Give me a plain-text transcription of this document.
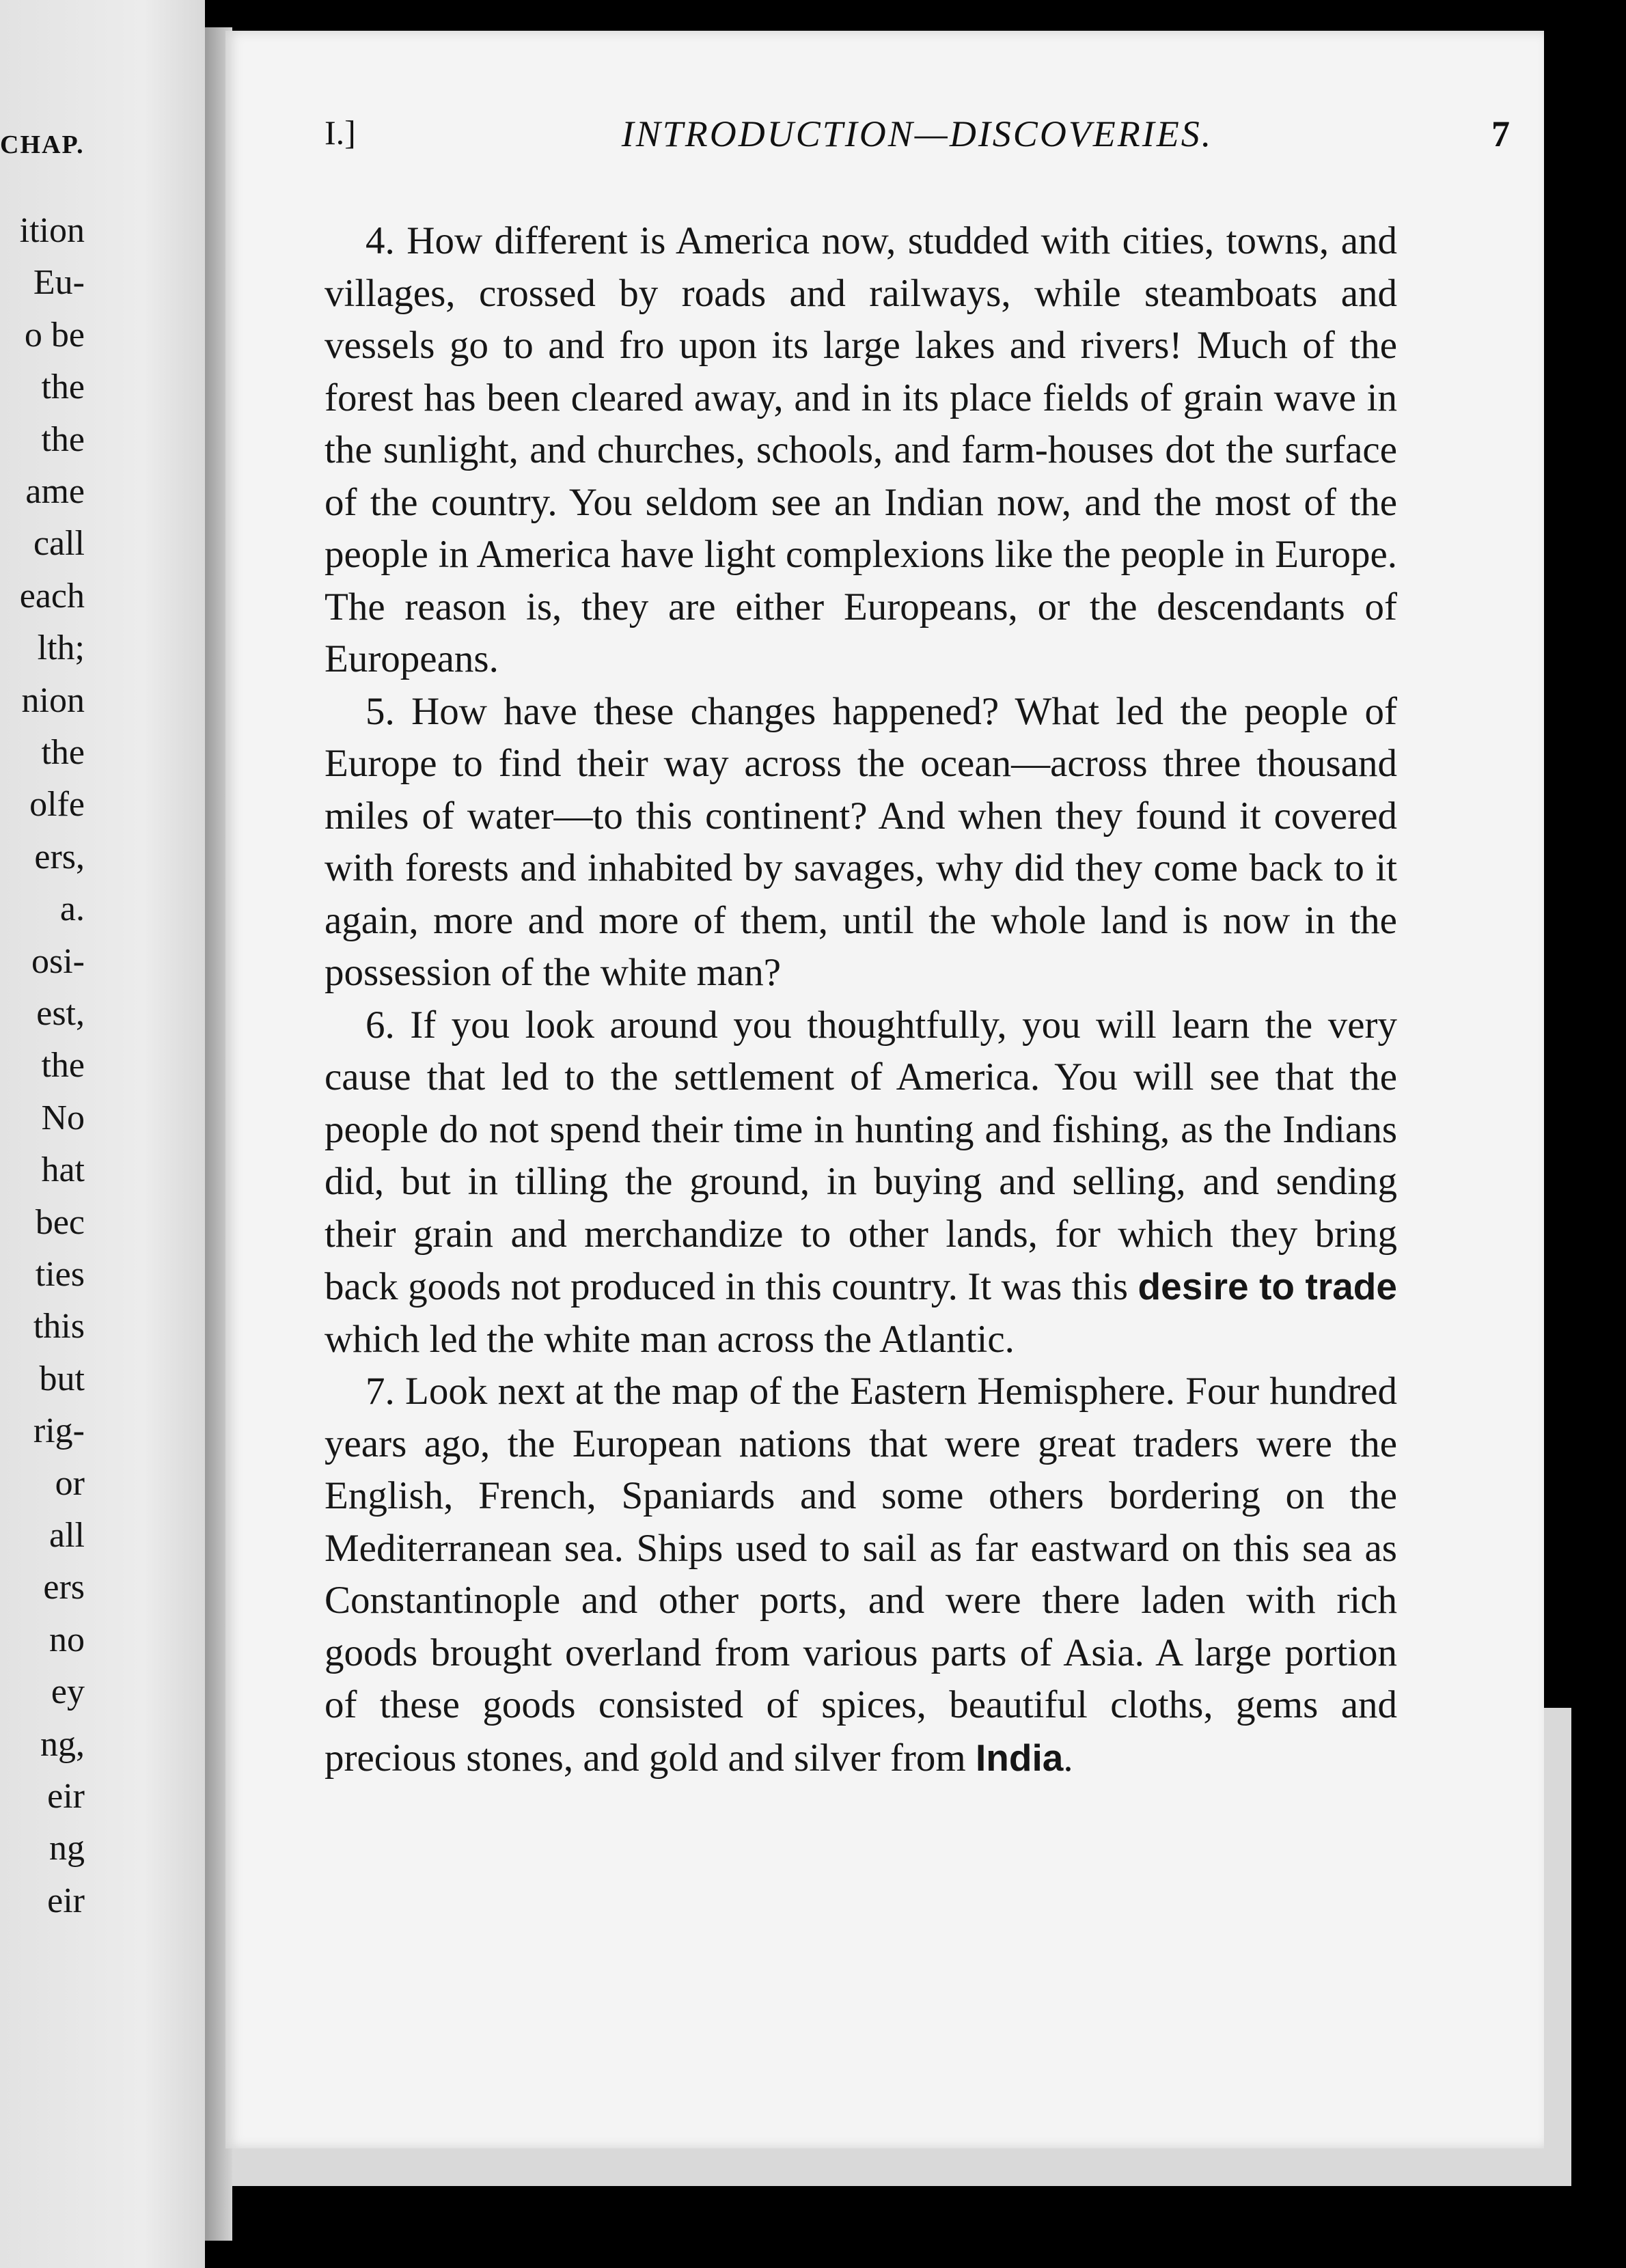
CHAP.
ition
Eu-
o be
the
the
ame
call
each
lth;
nion
the
olfe
ers,
a.
osi-
est,
the
No
hat
bec
ties
this
but
rig-
or
all
ers
no
ey
ng,
eir
ng
eir
I.]	INTRODUCTION—DISCOVERIES.	7

4. How different is America now, studded with cities, towns, and villages, crossed by roads and railways, while steamboats and vessels go to and fro upon its large lakes and rivers! Much of the forest has been cleared away, and in its place fields of grain wave in the sunlight, and churches, schools, and farm-houses dot the surface of the country. You seldom see an Indian now, and the most of the people in America have light complexions like the people in Europe. The reason is, they are either Europeans, or the descendants of Europeans.

5. How have these changes happened? What led the people of Europe to find their way across the ocean—across three thousand miles of water—to this continent? And when they found it covered with forests and inhabited by savages, why did they come back to it again, more and more of them, until the whole land is now in the possession of the white man?

6. If you look around you thoughtfully, you will learn the very cause that led to the settlement of America. You will see that the people do not spend their time in hunting and fishing, as the Indians did, but in tilling the ground, in buying and selling, and sending their grain and merchandize to other lands, for which they bring back goods not produced in this country. It was this desire to trade which led the white man across the Atlantic.

7. Look next at the map of the Eastern Hemisphere. Four hundred years ago, the European nations that were great traders were the English, French, Spaniards and some others bordering on the Mediterranean sea. Ships used to sail as far eastward on this sea as Constantinople and other ports, and were there laden with rich goods brought overland from various parts of Asia. A large portion of these goods consisted of spices, beautiful cloths, gems and precious stones, and gold and silver from India.
